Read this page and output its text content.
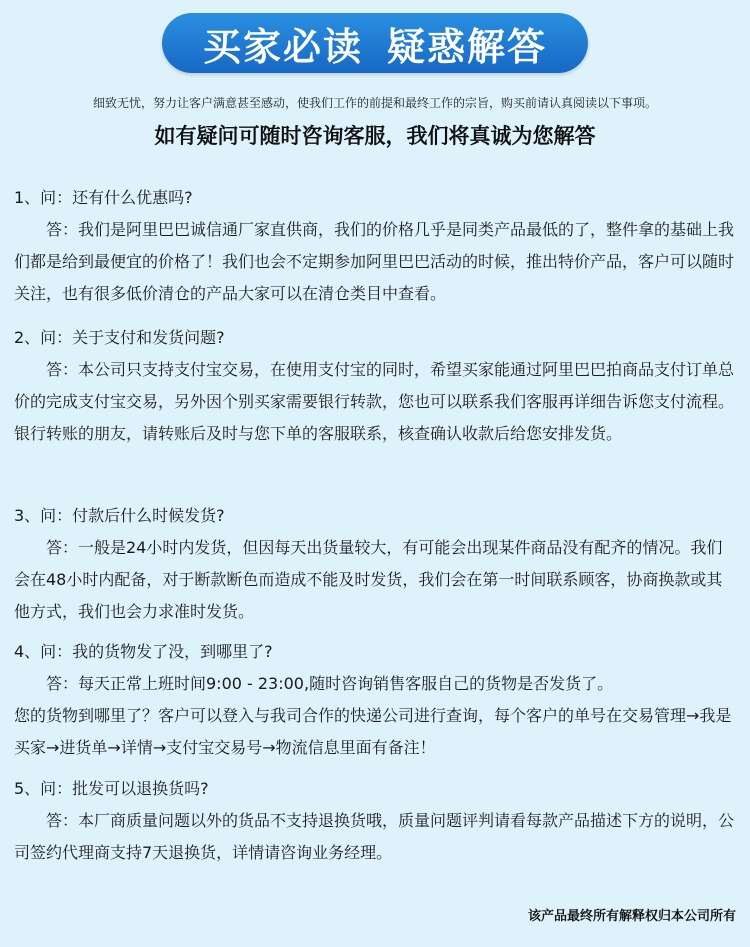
买家必读 疑惑解答
细致无忧，努力让客户满意甚至感动，使我们工作的前提和最终工作的宗旨，购买前请认真阅读以下事项。
如有疑问可随时咨询客服，我们将真诚为您解答

1、问：还有什么优惠吗?

答：我们是阿里巴巴诚信通厂家直供商，我们的价格几乎是同类产品最低的了，整件拿的基础上我们都是给到最便宜的价格了！我们也会不定期参加阿里巴巴活动的时候，推出特价产品，客户可以随时关注，也有很多低价清仓的产品大家可以在清仓类目中查看。

2、问：关于支付和发货问题?

答：本公司只支持支付宝交易，在使用支付宝的同时，希望买家能通过阿里巴巴拍商品支付订单总价的完成支付宝交易，另外因个别买家需要银行转款，您也可以联系我们客服再详细告诉您支付流程。

银行转账的朋友，请转账后及时与您下单的客服联系，核查确认收款后给您安排发货。

3、问：付款后什么时候发货?

答：一般是24小时内发货，但因每天出货量较大，有可能会出现某件商品没有配齐的情况。我们会在48小时内配备，对于断款断色而造成不能及时发货，我们会在第一时间联系顾客，协商换款或其他方式，我们也会力求准时发货。

4、问：我的货物发了没，到哪里了?

答：每天正常上班时间9:00 - 23:00,随时咨询销售客服自己的货物是否发货了。

您的货物到哪里了？客户可以登入与我司合作的快递公司进行查询，每个客户的单号在交易管理→我是买家→进货单→详情→支付宝交易号→物流信息里面有备注！

5、问：批发可以退换货吗?

答：本厂商质量问题以外的货品不支持退换货哦，质量问题评判请看每款产品描述下方的说明，公司签约代理商支持7天退换货，详情请咨询业务经理。

该产品最终所有解释权归本公司所有
